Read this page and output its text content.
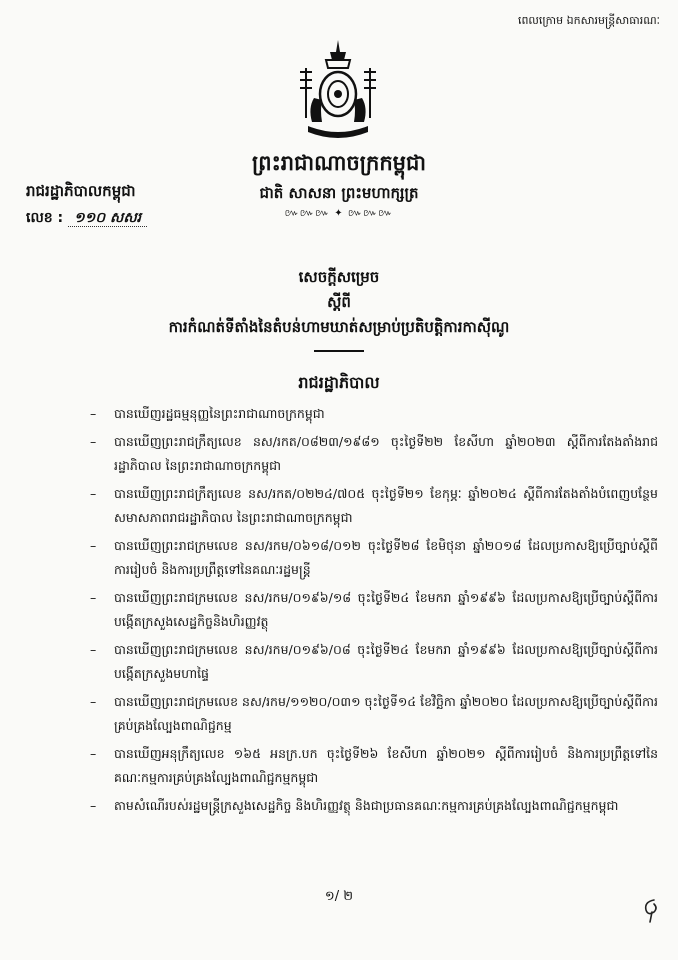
ពេលក្រោម ឯកសារមន្ត្រីសាធារណៈ
ព្រះរាជាណាចក្រកម្ពុជា
ជាតិ សាសនា ព្រះមហាក្សត្រ
៚៚៚ ✦ ៚៚៚
រាជរដ្ឋាភិបាលកម្ពុជា
លេខ : ១១០ សសរ
សេចក្តីសម្រេច
ស្តីពី
ការកំណត់ទីតាំងនៃតំបន់ហាមឃាត់សម្រាប់ប្រតិបត្តិការកាស៊ីណូ
រាជរដ្ឋាភិបាល
– បានឃើញរដ្ឋធម្មនុញ្ញនៃព្រះរាជាណាចក្រកម្ពុជា
– បានឃើញព្រះរាជក្រឹត្យលេខ នស/រកត/០៨២៣/១៩៨១ ចុះថ្ងៃទី២២ ខែសីហា ឆ្នាំ២០២៣ ស្តីពីការតែងតាំងរាជរដ្ឋាភិបាល នៃព្រះរាជាណាចក្រកម្ពុជា
– បានឃើញព្រះរាជក្រឹត្យលេខ នស/រកត/០២២៤/៧០៥ ចុះថ្ងៃទី២១ ខែកុម្ភៈ ឆ្នាំ២០២៤ ស្តីពីការតែងតាំងបំពេញបន្ថែមសមាសភាពរាជរដ្ឋាភិបាល នៃព្រះរាជាណាចក្រកម្ពុជា
– បានឃើញព្រះរាជក្រមលេខ នស/រកម/០៦១៨/០១២ ចុះថ្ងៃទី២៨ ខែមិថុនា ឆ្នាំ២០១៨ ដែលប្រកាសឱ្យប្រើច្បាប់ស្តីពីការរៀបចំ និងការប្រព្រឹត្តទៅនៃគណៈរដ្ឋមន្ត្រី
– បានឃើញព្រះរាជក្រមលេខ នស/រកម/០១៩៦/១៨ ចុះថ្ងៃទី២៤ ខែមករា ឆ្នាំ១៩៩៦ ដែលប្រកាសឱ្យប្រើច្បាប់ស្តីពីការបង្កើតក្រសួងសេដ្ឋកិច្ចនិងហិរញ្ញវត្ថុ
– បានឃើញព្រះរាជក្រមលេខ នស/រកម/០១៩៦/០៨ ចុះថ្ងៃទី២៤ ខែមករា ឆ្នាំ១៩៩៦ ដែលប្រកាសឱ្យប្រើច្បាប់ស្តីពីការបង្កើតក្រសួងមហាផ្ទៃ
– បានឃើញព្រះរាជក្រមលេខ នស/រកម/១១២០/០៣១ ចុះថ្ងៃទី១៤ ខែវិច្ឆិកា ឆ្នាំ២០២០ ដែលប្រកាសឱ្យប្រើច្បាប់ស្តីពីការគ្រប់គ្រងល្បែងពាណិជ្ជកម្ម
– បានឃើញអនុក្រឹត្យលេខ ១៦៥ អនក្រ.បក ចុះថ្ងៃទី២៦ ខែសីហា ឆ្នាំ២០២១ ស្តីពីការរៀបចំ និងការប្រព្រឹត្តទៅនៃគណៈកម្មការគ្រប់គ្រងល្បែងពាណិជ្ជកម្មកម្ពុជា
– តាមសំណើរបស់រដ្ឋមន្ត្រីក្រសួងសេដ្ឋកិច្ច និងហិរញ្ញវត្ថុ និងជាប្រធានគណៈកម្មការគ្រប់គ្រងល្បែងពាណិជ្ជកម្មកម្ពុជា
១/ ២
